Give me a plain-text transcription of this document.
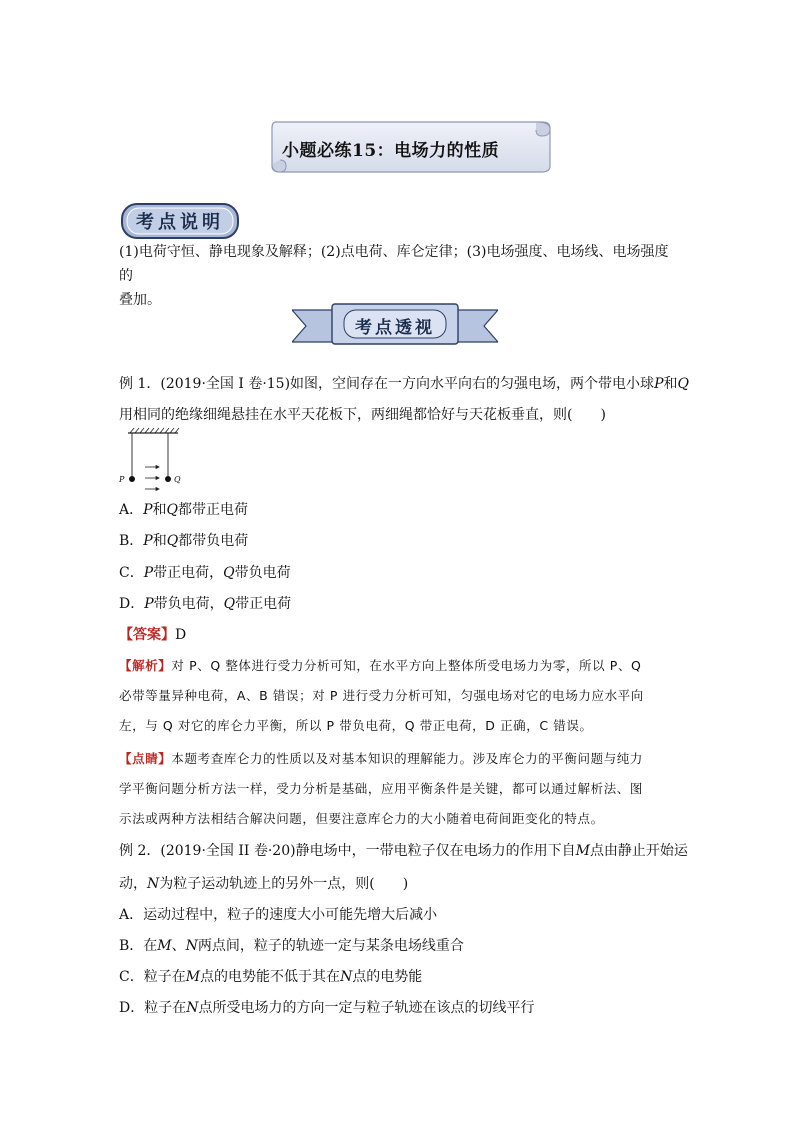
小题必练15：电场力的性质
考点说明
(1)电荷守恒、静电现象及解释；(2)点电荷、库仑定律；(3)电场强度、电场线、电场强度的
叠加。
考点透视
例 1．(2019·全国 I 卷·15)如图，空间存在一方向水平向右的匀强电场，两个带电小球P和Q
用相同的绝缘细绳悬挂在水平天花板下，两细绳都恰好与天花板垂直，则(　　)
P	Q
A．P和Q都带正电荷
B．P和Q都带负电荷
C．P带正电荷，Q带负电荷
D．P带负电荷，Q带正电荷
【答案】D
【解析】对 P、Q 整体进行受力分析可知，在水平方向上整体所受电场力为零，所以 P、Q
必带等量异种电荷，A、B 错误；对 P 进行受力分析可知，匀强电场对它的电场力应水平向
左，与 Q 对它的库仑力平衡，所以 P 带负电荷，Q 带正电荷，D 正确，C 错误。
【点睛】本题考查库仑力的性质以及对基本知识的理解能力。涉及库仑力的平衡问题与纯力
学平衡问题分析方法一样，受力分析是基础，应用平衡条件是关键，都可以通过解析法、图
示法或两种方法相结合解决问题，但要注意库仑力的大小随着电荷间距变化的特点。
例 2．(2019·全国 II 卷·20)静电场中，一带电粒子仅在电场力的作用下自M点由静止开始运
动，N为粒子运动轨迹上的另外一点，则(　　)
A．运动过程中，粒子的速度大小可能先增大后减小
B．在M、N两点间，粒子的轨迹一定与某条电场线重合
C．粒子在M点的电势能不低于其在N点的电势能
D．粒子在N点所受电场力的方向一定与粒子轨迹在该点的切线平行
